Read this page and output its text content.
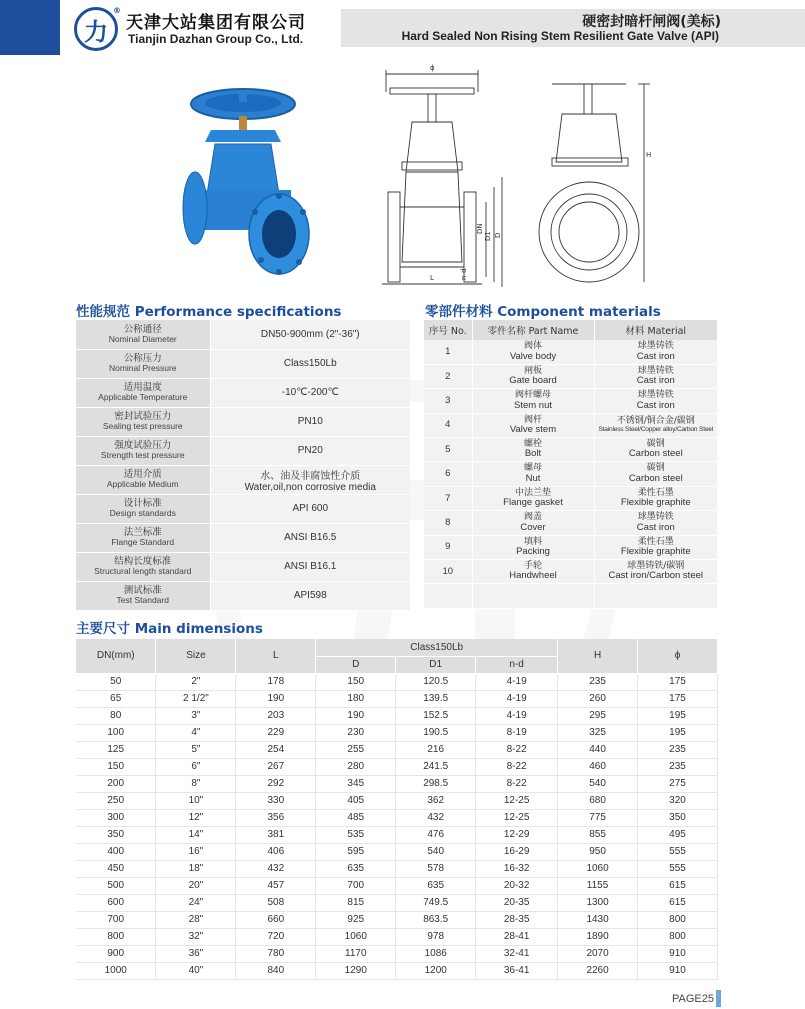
力
®
天津大站集团有限公司
Tianjin Dazhan Group Co., Ltd.
硬密封暗杆闸阀(美标)
Hard Sealed Non Rising Stem Resilient Gate Valve (API)
ϕ
H
L
DN
D1 D
n-d
性能规范 Performance specifications	零部件材料 Component materials
主要尺寸 Main dimensions
公称通径
Nominal Diameter	DN50-900mm (2"-36")

公称压力
Nominal Pressure	Class150Lb

适用温度
Applicable Temperature	-10℃-200℃

密封试验压力
Sealing test pressure	PN10

强度试验压力
Strength test pressure	PN20

适用介质
Applicable Medium	水、油及非腐蚀性介质
Water,oil,non corrosive media

设计标准
Design standards	API 600

法兰标准
Flange Standard	ANSI B16.5

结构长度标准
Structural length standard	ANSI B16.1

测试标准
Test Standard	API598
序号 No.	零件名称 Part Name	材料 Material
1	阀体
Valve body	球墨铸铁
Cast iron

2	闸板
Gate board	球墨铸铁
Cast iron

3	阀杆螺母
Stem nut	球墨铸铁
Cast iron

4	阀杆
Valve stem	不锈钢/铜合金/碳钢
Stainless Steel/Copper alloy/Carbon Steel

5	螺栓
Bolt	碳钢
Carbon steel

6	螺母
Nut	碳钢
Carbon steel

7	中法兰垫
Flange gasket	柔性石墨
Flexible graphite

8	阀盖
Cover	球墨铸铁
Cast iron

9	填料
Packing	柔性石墨
Flexible graphite

10	手轮
Handwheel	球墨铸铁/碳钢
Cast iron/Carbon steel

DN(mm)	Size	L	Class150Lb			H	ϕ
			D	D1	n-d		
50	2"	178	150	120.5	4-19	235	175
65	2 1/2"	190	180	139.5	4-19	260	175
80	3"	203	190	152.5	4-19	295	195
100	4"	229	230	190.5	8-19	325	195
125	5"	254	255	216	8-22	440	235
150	6"	267	280	241.5	8-22	460	235
200	8"	292	345	298.5	8-22	540	275
250	10"	330	405	362	12-25	680	320
300	12"	356	485	432	12-25	775	350
350	14"	381	535	476	12-29	855	495
400	16"	406	595	540	16-29	950	555
450	18"	432	635	578	16-32	1060	555
500	20"	457	700	635	20-32	1155	615
600	24"	508	815	749.5	20-35	1300	615
700	28"	660	925	863.5	28-35	1430	800
800	32"	720	1060	978	28-41	1890	800
900	36"	780	1170	1086	32-41	2070	910
1000	40"	840	1290	1200	36-41	2260	910
PAGE25
